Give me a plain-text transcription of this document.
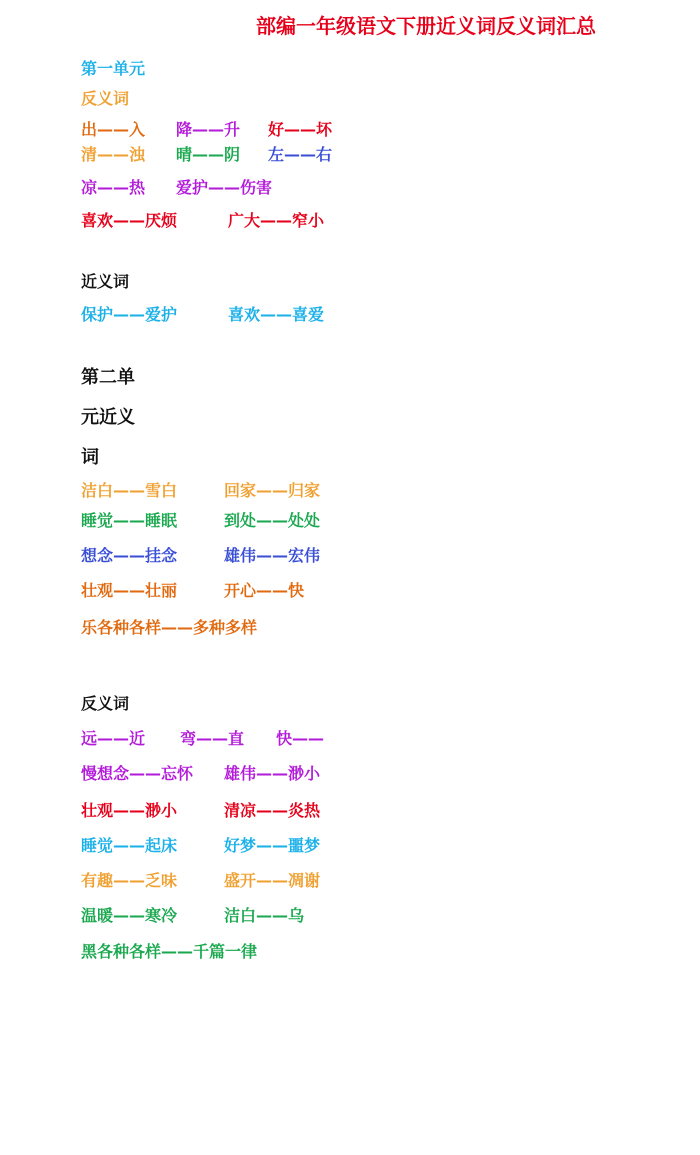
部编一年级语文下册近义词反义词汇总
第一单元
反义词
出——入 降——升 好——坏
清——浊 晴——阴 左——右
凉——热 爱护——伤害
喜欢——厌烦	广大——窄小
近义词
保护——爱护	喜欢——喜爱
第二单
元近义
词
洁白——雪白	回家——归家
睡觉——睡眠	到处——处处
想念——挂念	雄伟——宏伟
壮观——壮丽	开心——快
乐各种各样——多种多样
反义词
远——近 弯——直 快——
慢想念——忘怀 雄伟——渺小
壮观——渺小	清凉——炎热
睡觉——起床	好梦——噩梦
有趣——乏味	盛开——凋谢
温暖——寒冷	洁白——乌
黑各种各样——千篇一律
